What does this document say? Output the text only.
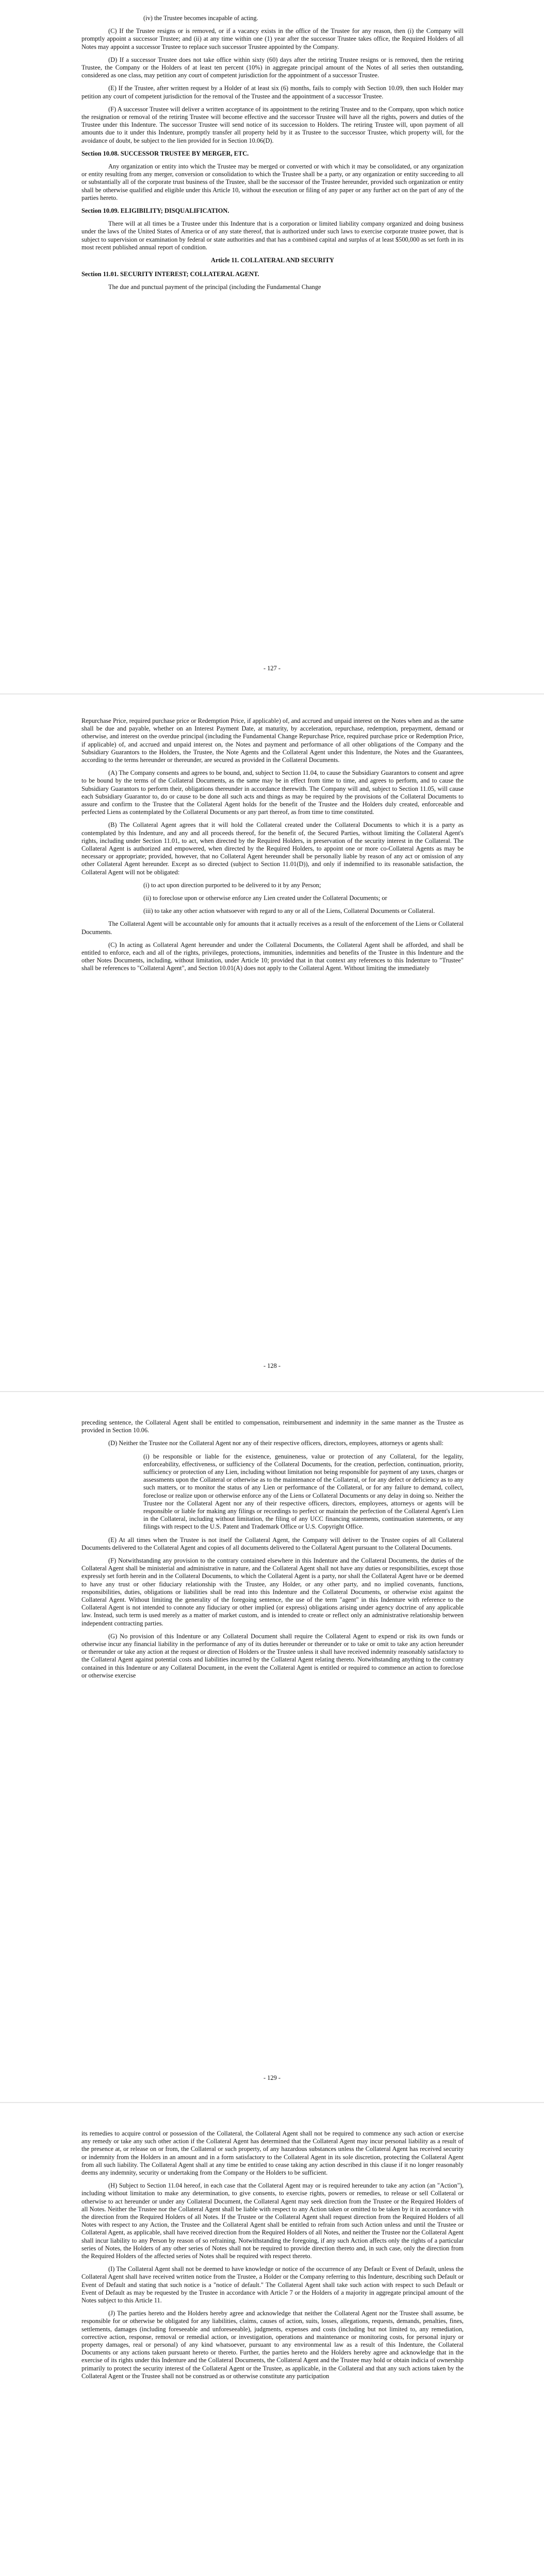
(iv) the Trustee becomes incapable of acting.

(C) If the Trustee resigns or is removed, or if a vacancy exists in the office of the Trustee for any reason, then (i) the Company will promptly appoint a successor Trustee; and (ii) at any time within one (1) year after the successor Trustee takes office, the Required Holders of all Notes may appoint a successor Trustee to replace such successor Trustee appointed by the Company.

(D) If a successor Trustee does not take office within sixty (60) days after the retiring Trustee resigns or is removed, then the retiring Trustee, the Company or the Holders of at least ten percent (10%) in aggregate principal amount of the Notes of all series then outstanding, considered as one class, may petition any court of competent jurisdiction for the appointment of a successor Trustee.

(E) If the Trustee, after written request by a Holder of at least six (6) months, fails to comply with Section 10.09, then such Holder may petition any court of competent jurisdiction for the removal of the Trustee and the appointment of a successor Trustee.

(F) A successor Trustee will deliver a written acceptance of its appointment to the retiring Trustee and to the Company, upon which notice the resignation or removal of the retiring Trustee will become effective and the successor Trustee will have all the rights, powers and duties of the Trustee under this Indenture. The successor Trustee will send notice of its succession to Holders. The retiring Trustee will, upon payment of all amounts due to it under this Indenture, promptly transfer all property held by it as Trustee to the successor Trustee, which property will, for the avoidance of doubt, be subject to the lien provided for in Section 10.06(D).

Section 10.08. SUCCESSOR TRUSTEE BY MERGER, ETC.

Any organization or entity into which the Trustee may be merged or converted or with which it may be consolidated, or any organization or entity resulting from any merger, conversion or consolidation to which the Trustee shall be a party, or any organization or entity succeeding to all or substantially all of the corporate trust business of the Trustee, shall be the successor of the Trustee hereunder, provided such organization or entity shall be otherwise qualified and eligible under this Article 10, without the execution or filing of any paper or any further act on the part of any of the parties hereto.

Section 10.09. ELIGIBILITY; DISQUALIFICATION.

There will at all times be a Trustee under this Indenture that is a corporation or limited liability company organized and doing business under the laws of the United States of America or of any state thereof, that is authorized under such laws to exercise corporate trustee power, that is subject to supervision or examination by federal or state authorities and that has a combined capital and surplus of at least $500,000 as set forth in its most recent published annual report of condition.

Article 11. COLLATERAL AND SECURITY

Section 11.01. SECURITY INTEREST; COLLATERAL AGENT.

The due and punctual payment of the principal (including the Fundamental Change

- 127 -

Repurchase Price, required purchase price or Redemption Price, if applicable) of, and accrued and unpaid interest on the Notes when and as the same shall be due and payable, whether on an Interest Payment Date, at maturity, by acceleration, repurchase, redemption, prepayment, demand or otherwise, and interest on the overdue principal (including the Fundamental Change Repurchase Price, required purchase price or Redemption Price, if applicable) of, and accrued and unpaid interest on, the Notes and payment and performance of all other obligations of the Company and the Subsidiary Guarantors to the Holders, the Trustee, the Note Agents and the Collateral Agent under this Indenture, the Notes and the Guarantees, according to the terms hereunder or thereunder, are secured as provided in the Collateral Documents.

(A) The Company consents and agrees to be bound, and, subject to Section 11.04, to cause the Subsidiary Guarantors to consent and agree to be bound by the terms of the Collateral Documents, as the same may be in effect from time to time, and agrees to perform, and to cause the Subsidiary Guarantors to perform their, obligations thereunder in accordance therewith. The Company will and, subject to Section 11.05, will cause each Subsidiary Guarantor to, do or cause to be done all such acts and things as may be required by the provisions of the Collateral Documents to assure and confirm to the Trustee that the Collateral Agent holds for the benefit of the Trustee and the Holders duly created, enforceable and perfected Liens as contemplated by the Collateral Documents or any part thereof, as from time to time constituted.

(B) The Collateral Agent agrees that it will hold the Collateral created under the Collateral Documents to which it is a party as contemplated by this Indenture, and any and all proceeds thereof, for the benefit of, the Secured Parties, without limiting the Collateral Agent's rights, including under Section 11.01, to act, when directed by the Required Holders, in preservation of the security interest in the Collateral. The Collateral Agent is authorized and empowered, when directed by the Required Holders, to appoint one or more co-Collateral Agents as may be necessary or appropriate; provided, however, that no Collateral Agent hereunder shall be personally liable by reason of any act or omission of any other Collateral Agent hereunder. Except as so directed (subject to Section 11.01(D)), and only if indemnified to its reasonable satisfaction, the Collateral Agent will not be obligated:

(i) to act upon direction purported to be delivered to it by any Person;

(ii) to foreclose upon or otherwise enforce any Lien created under the Collateral Documents; or

(iii) to take any other action whatsoever with regard to any or all of the Liens, Collateral Documents or Collateral.

The Collateral Agent will be accountable only for amounts that it actually receives as a result of the enforcement of the Liens or Collateral Documents.

(C) In acting as Collateral Agent hereunder and under the Collateral Documents, the Collateral Agent shall be afforded, and shall be entitled to enforce, each and all of the rights, privileges, protections, immunities, indemnities and benefits of the Trustee in this Indenture and the other Notes Documents, including, without limitation, under Article 10; provided that in that context any references to this Indenture to "Trustee" shall be references to "Collateral Agent", and Section 10.01(A) does not apply to the Collateral Agent. Without limiting the immediately

- 128 -

preceding sentence, the Collateral Agent shall be entitled to compensation, reimbursement and indemnity in the same manner as the Trustee as provided in Section 10.06.

(D) Neither the Trustee nor the Collateral Agent nor any of their respective officers, directors, employees, attorneys or agents shall:

(i) be responsible or liable for the existence, genuineness, value or protection of any Collateral, for the legality, enforceability, effectiveness, or sufficiency of the Collateral Documents, for the creation, perfection, continuation, priority, sufficiency or protection of any Lien, including without limitation not being responsible for payment of any taxes, charges or assessments upon the Collateral or otherwise as to the maintenance of the Collateral, or for any defect or deficiency as to any such matters, or to monitor the status of any Lien or performance of the Collateral, or for any failure to demand, collect, foreclose or realize upon or otherwise enforce any of the Liens or Collateral Documents or any delay in doing so. Neither the Trustee nor the Collateral Agent nor any of their respective officers, directors, employees, attorneys or agents will be responsible or liable for making any filings or recordings to perfect or maintain the perfection of the Collateral Agent's Lien in the Collateral, including without limitation, the filing of any UCC financing statements, continuation statements, or any filings with respect to the U.S. Patent and Trademark Office or U.S. Copyright Office.

(E) At all times when the Trustee is not itself the Collateral Agent, the Company will deliver to the Trustee copies of all Collateral Documents delivered to the Collateral Agent and copies of all documents delivered to the Collateral Agent pursuant to the Collateral Documents.

(F) Notwithstanding any provision to the contrary contained elsewhere in this Indenture and the Collateral Documents, the duties of the Collateral Agent shall be ministerial and administrative in nature, and the Collateral Agent shall not have any duties or responsibilities, except those expressly set forth herein and in the Collateral Documents, to which the Collateral Agent is a party, nor shall the Collateral Agent have or be deemed to have any trust or other fiduciary relationship with the Trustee, any Holder, or any other party, and no implied covenants, functions, responsibilities, duties, obligations or liabilities shall be read into this Indenture and the Collateral Documents, or otherwise exist against the Collateral Agent. Without limiting the generality of the foregoing sentence, the use of the term "agent" in this Indenture with reference to the Collateral Agent is not intended to connote any fiduciary or other implied (or express) obligations arising under agency doctrine of any applicable law. Instead, such term is used merely as a matter of market custom, and is intended to create or reflect only an administrative relationship between independent contracting parties.

(G) No provision of this Indenture or any Collateral Document shall require the Collateral Agent to expend or risk its own funds or otherwise incur any financial liability in the performance of any of its duties hereunder or thereunder or to take or omit to take any action hereunder or thereunder or take any action at the request or direction of Holders or the Trustee unless it shall have received indemnity reasonably satisfactory to the Collateral Agent against potential costs and liabilities incurred by the Collateral Agent relating thereto. Notwithstanding anything to the contrary contained in this Indenture or any Collateral Document, in the event the Collateral Agent is entitled or required to commence an action to foreclose or otherwise exercise

- 129 -

its remedies to acquire control or possession of the Collateral, the Collateral Agent shall not be required to commence any such action or exercise any remedy or take any such other action if the Collateral Agent has determined that the Collateral Agent may incur personal liability as a result of the presence at, or release on or from, the Collateral or such property, of any hazardous substances unless the Collateral Agent has received security or indemnity from the Holders in an amount and in a form satisfactory to the Collateral Agent in its sole discretion, protecting the Collateral Agent from all such liability. The Collateral Agent shall at any time be entitled to cease taking any action described in this clause if it no longer reasonably deems any indemnity, security or undertaking from the Company or the Holders to be sufficient.

(H) Subject to Section 11.04 hereof, in each case that the Collateral Agent may or is required hereunder to take any action (an "Action"), including without limitation to make any determination, to give consents, to exercise rights, powers or remedies, to release or sell Collateral or otherwise to act hereunder or under any Collateral Document, the Collateral Agent may seek direction from the Trustee or the Required Holders of all Notes. Neither the Trustee nor the Collateral Agent shall be liable with respect to any Action taken or omitted to be taken by it in accordance with the direction from the Required Holders of all Notes. If the Trustee or the Collateral Agent shall request direction from the Required Holders of all Notes with respect to any Action, the Trustee and the Collateral Agent shall be entitled to refrain from such Action unless and until the Trustee or Collateral Agent, as applicable, shall have received direction from the Required Holders of all Notes, and neither the Trustee nor the Collateral Agent shall incur liability to any Person by reason of so refraining. Notwithstanding the foregoing, if any such Action affects only the rights of a particular series of Notes, the Holders of any other series of Notes shall not be required to provide direction thereto and, in such case, only the direction from the Required Holders of the affected series of Notes shall be required with respect thereto.

(I) The Collateral Agent shall not be deemed to have knowledge or notice of the occurrence of any Default or Event of Default, unless the Collateral Agent shall have received written notice from the Trustee, a Holder or the Company referring to this Indenture, describing such Default or Event of Default and stating that such notice is a "notice of default." The Collateral Agent shall take such action with respect to such Default or Event of Default as may be requested by the Trustee in accordance with Article 7 or the Holders of a majority in aggregate principal amount of the Notes subject to this Article 11.

(J) The parties hereto and the Holders hereby agree and acknowledge that neither the Collateral Agent nor the Trustee shall assume, be responsible for or otherwise be obligated for any liabilities, claims, causes of action, suits, losses, allegations, requests, demands, penalties, fines, settlements, damages (including foreseeable and unforeseeable), judgments, expenses and costs (including but not limited to, any remediation, corrective action, response, removal or remedial action, or investigation, operations and maintenance or monitoring costs, for personal injury or property damages, real or personal) of any kind whatsoever, pursuant to any environmental law as a result of this Indenture, the Collateral Documents or any actions taken pursuant hereto or thereto. Further, the parties hereto and the Holders hereby agree and acknowledge that in the exercise of its rights under this Indenture and the Collateral Documents, the Collateral Agent and the Trustee may hold or obtain indicia of ownership primarily to protect the security interest of the Collateral Agent or the Trustee, as applicable, in the Collateral and that any such actions taken by the Collateral Agent or the Trustee shall not be construed as or otherwise constitute any participation
